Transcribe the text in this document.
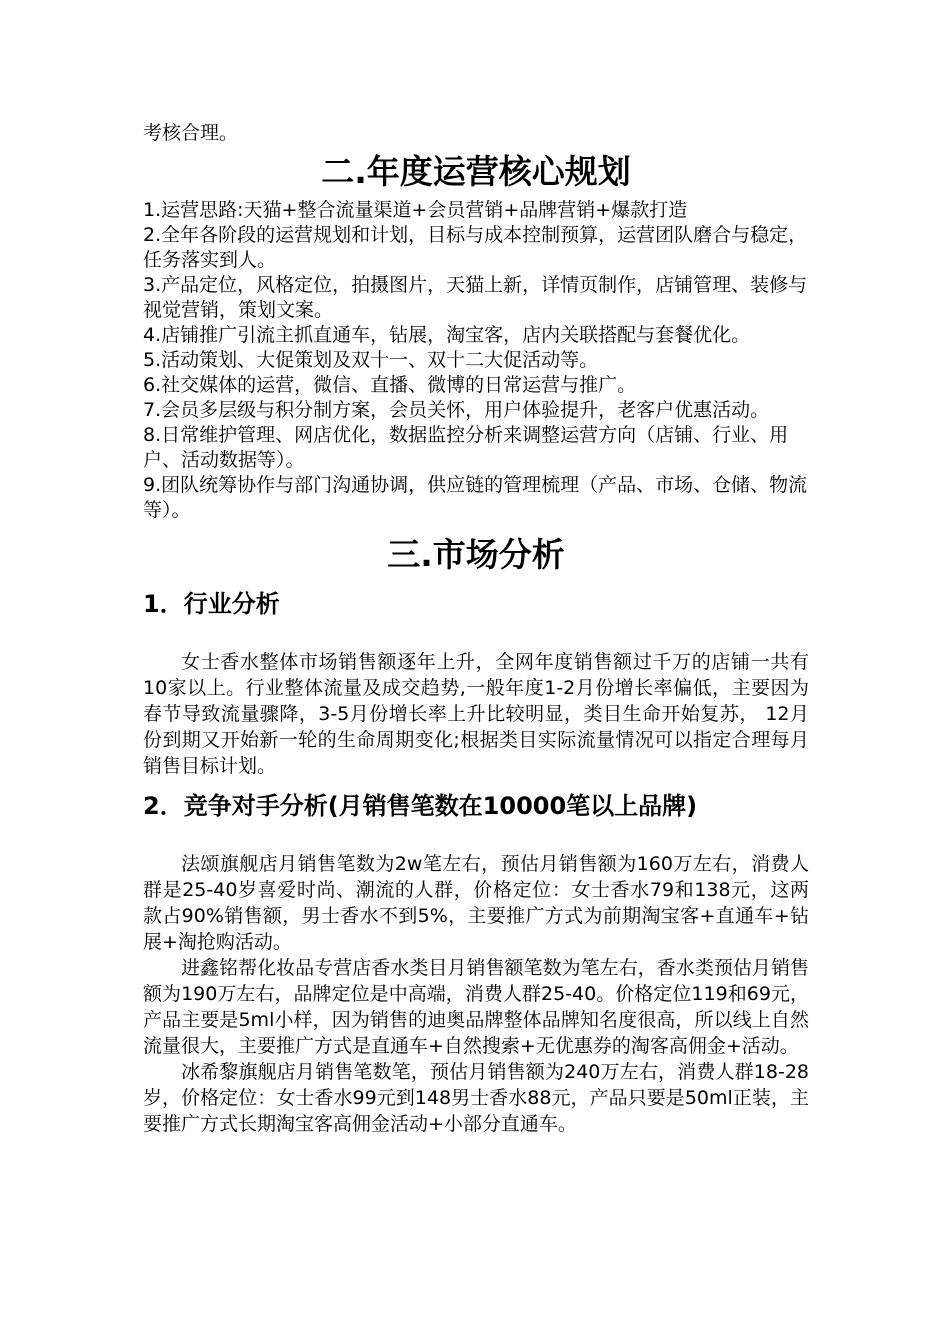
考核合理。

二.年度运营核心规划
1.运营思路:天猫+整合流量渠道+会员营销+品牌营销+爆款打造
2.全年各阶段的运营规划和计划，目标与成本控制预算，运营团队磨合与稳定，任务落实到人。
3.产品定位，风格定位，拍摄图片，天猫上新，详情页制作，店铺管理、装修与视觉营销，策划文案。
4.店铺推广引流主抓直通车，钻展，淘宝客，店内关联搭配与套餐优化。
5.活动策划、大促策划及双十一、双十二大促活动等。
6.社交媒体的运营，微信、直播、微博的日常运营与推广。
7.会员多层级与积分制方案，会员关怀，用户体验提升，老客户优惠活动。
8.日常维护管理、网店优化，数据监控分析来调整运营方向（店铺、行业、用户、活动数据等）。
9.团队统筹协作与部门沟通协调，供应链的管理梳理（产品、市场、仓储、物流等）。
三.市场分析
1．行业分析

女士香水整体市场销售额逐年上升，全网年度销售额过千万的店铺一共有10家以上。行业整体流量及成交趋势,一般年度1-2月份增长率偏低，主要因为春节导致流量骤降，3-5月份增长率上升比较明显，类目生命开始复苏， 12月份到期又开始新一轮的生命周期变化;根据类目实际流量情况可以指定合理每月销售目标计划。

2．竞争对手分析(月销售笔数在10000笔以上品牌)

法颂旗舰店月销售笔数为2w笔左右，预估月销售额为160万左右，消费人群是25-40岁喜爱时尚、潮流的人群，价格定位：女士香水79和138元，这两款占90%销售额，男士香水不到5%，主要推广方式为前期淘宝客+直通车+钻展+淘抢购活动。

进鑫铭帮化妆品专营店香水类目月销售额笔数为笔左右，香水类预估月销售额为190万左右，品牌定位是中高端，消费人群25-40。价格定位119和69元，产品主要是5ml小样，因为销售的迪奥品牌整体品牌知名度很高，所以线上自然流量很大，主要推广方式是直通车+自然搜索+无优惠券的淘客高佣金+活动。

冰希黎旗舰店月销售笔数笔，预估月销售额为240万左右，消费人群18-28岁，价格定位：女士香水99元到148男士香水88元，产品只要是50ml正装，主要推广方式长期淘宝客高佣金活动+小部分直通车。
